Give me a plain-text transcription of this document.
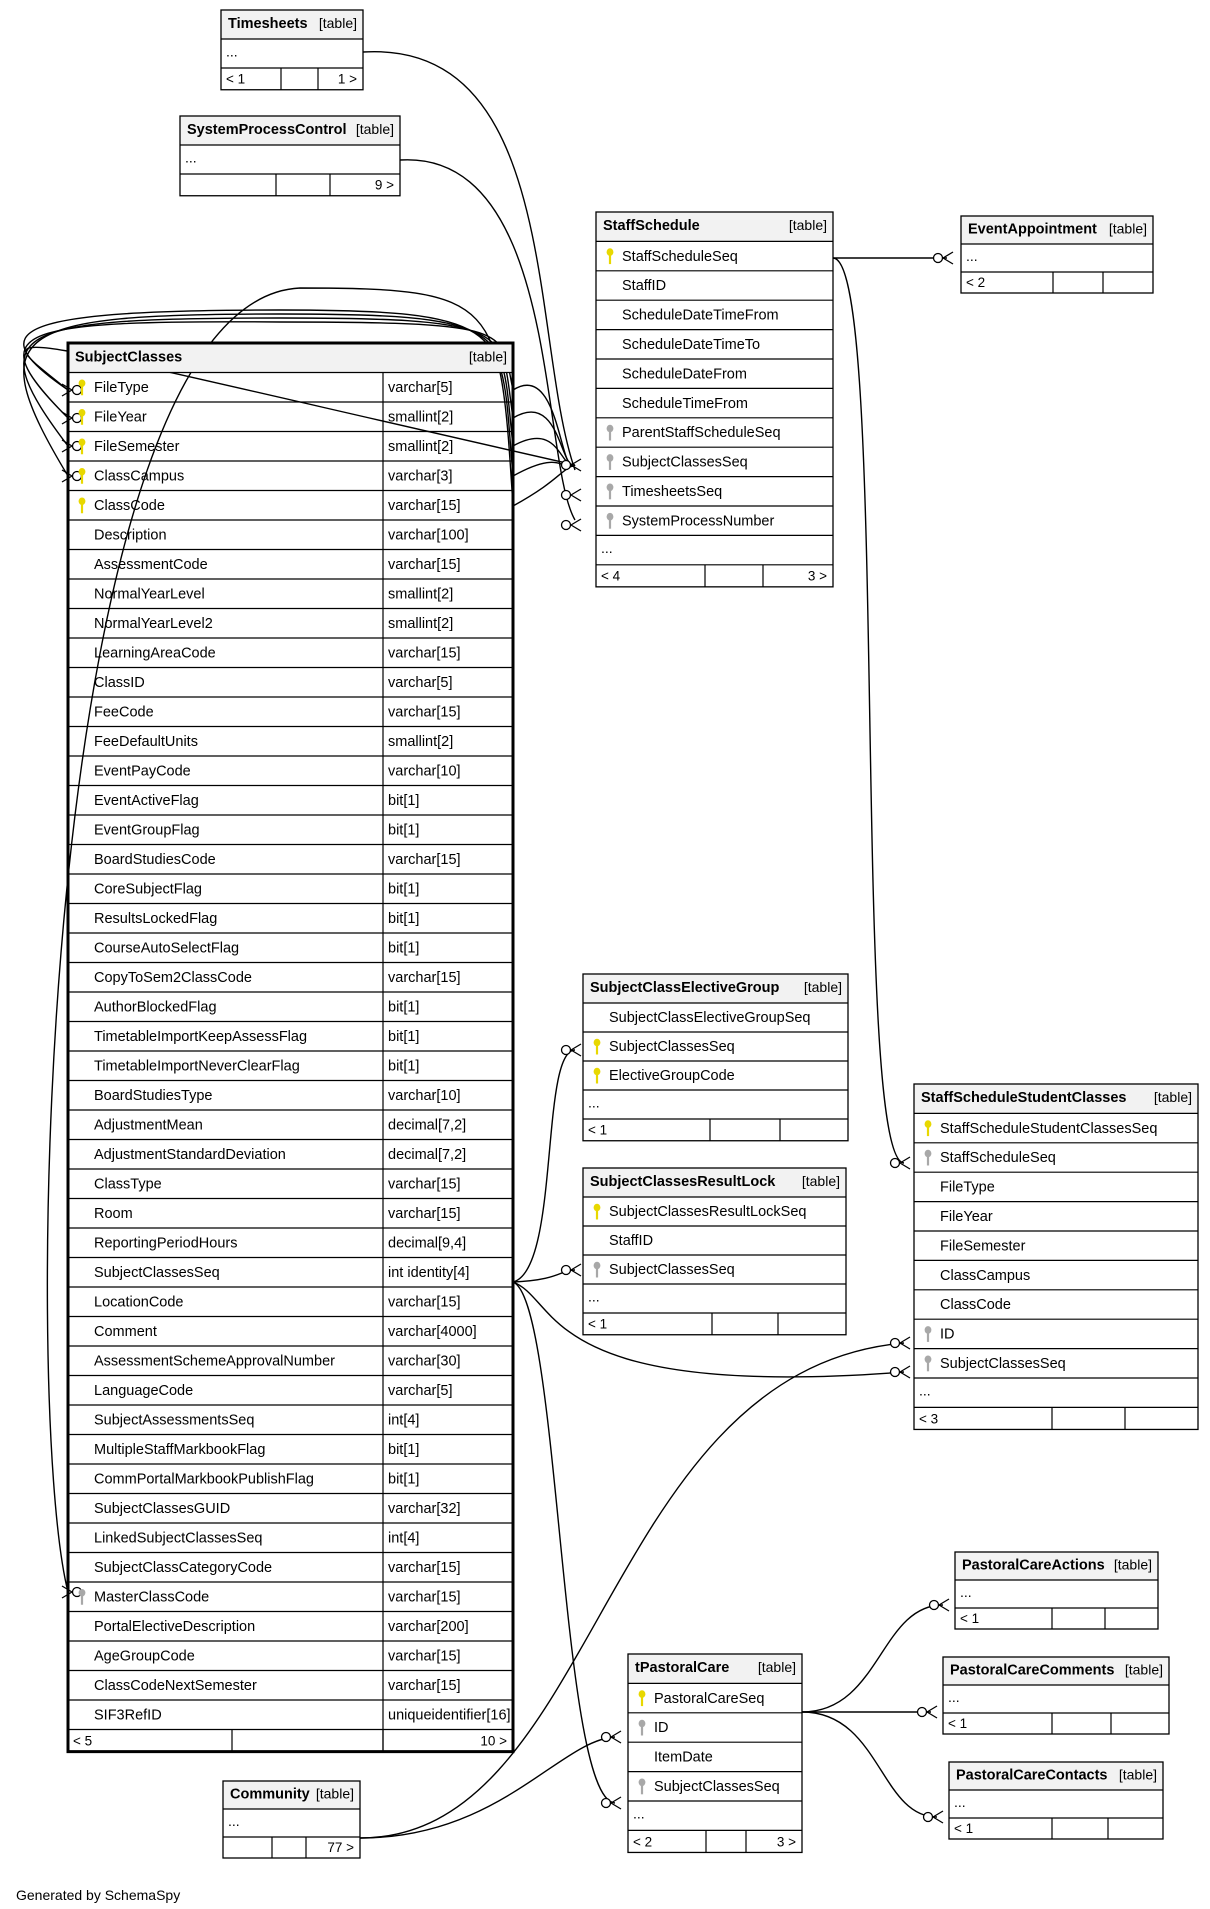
Timesheets [table]
...
< 1	1 >
SystemProcessControl [table]
...
9 >
StaffSchedule	[table]
StaffScheduleSeq
StaffID
ScheduleDateTimeFrom
ScheduleDateTimeTo
ScheduleDateFrom
ScheduleTimeFrom
ParentStaffScheduleSeq
SubjectClassesSeq
TimesheetsSeq
SystemProcessNumber
...
< 4	3 >
EventAppointment [table]
...
< 2
SubjectClasses	[table]
FileType	varchar[5]
FileYear	smallint[2]
FileSemester	smallint[2]
ClassCampus	varchar[3]
ClassCode	varchar[15]
Description	varchar[100]
AssessmentCode	varchar[15]
NormalYearLevel	smallint[2]
NormalYearLevel2	smallint[2]
LearningAreaCode	varchar[15]
ClassID	varchar[5]
FeeCode	varchar[15]
FeeDefaultUnits	smallint[2]
EventPayCode	varchar[10]
EventActiveFlag	bit[1]
EventGroupFlag	bit[1]
BoardStudiesCode	varchar[15]
CoreSubjectFlag	bit[1]
ResultsLockedFlag	bit[1]
CourseAutoSelectFlag	bit[1]
CopyToSem2ClassCode	varchar[15]
AuthorBlockedFlag	bit[1]
TimetableImportKeepAssessFlag	bit[1]
TimetableImportNeverClearFlag	bit[1]
BoardStudiesType	varchar[10]
AdjustmentMean	decimal[7,2]
AdjustmentStandardDeviation	decimal[7,2]
ClassType	varchar[15]
Room	varchar[15]
ReportingPeriodHours	decimal[9,4]
SubjectClassesSeq	int identity[4]
LocationCode	varchar[15]
Comment	varchar[4000]
AssessmentSchemeApprovalNumber	varchar[30]
LanguageCode	varchar[5]
SubjectAssessmentsSeq	int[4]
MultipleStaffMarkbookFlag	bit[1]
CommPortalMarkbookPublishFlag	bit[1]
SubjectClassesGUID	varchar[32]
LinkedSubjectClassesSeq	int[4]
SubjectClassCategoryCode	varchar[15]
MasterClassCode	varchar[15]
PortalElectiveDescription	varchar[200]
AgeGroupCode	varchar[15]
ClassCodeNextSemester	varchar[15]
SIF3RefID	uniqueidentifier[16]
< 5	10 >
SubjectClassElectiveGroup [table]
SubjectClassElectiveGroupSeq
SubjectClassesSeq
ElectiveGroupCode
...
< 1
SubjectClassesResultLock [table]
SubjectClassesResultLockSeq
StaffID
SubjectClassesSeq
...
< 1
StaffScheduleStudentClasses [table]
StaffScheduleStudentClassesSeq
StaffScheduleSeq
FileType
FileYear
FileSemester
ClassCampus
ClassCode
ID
SubjectClassesSeq
...
< 3
PastoralCareActions [table]
...
< 1
PastoralCareComments [table]
...
< 1
PastoralCareContacts [table]
...
< 1
tPastoralCare [table]
PastoralCareSeq
ID
ItemDate
SubjectClassesSeq
...
< 2	3 >
Community [table]
...
77 >
Generated by SchemaSpy
